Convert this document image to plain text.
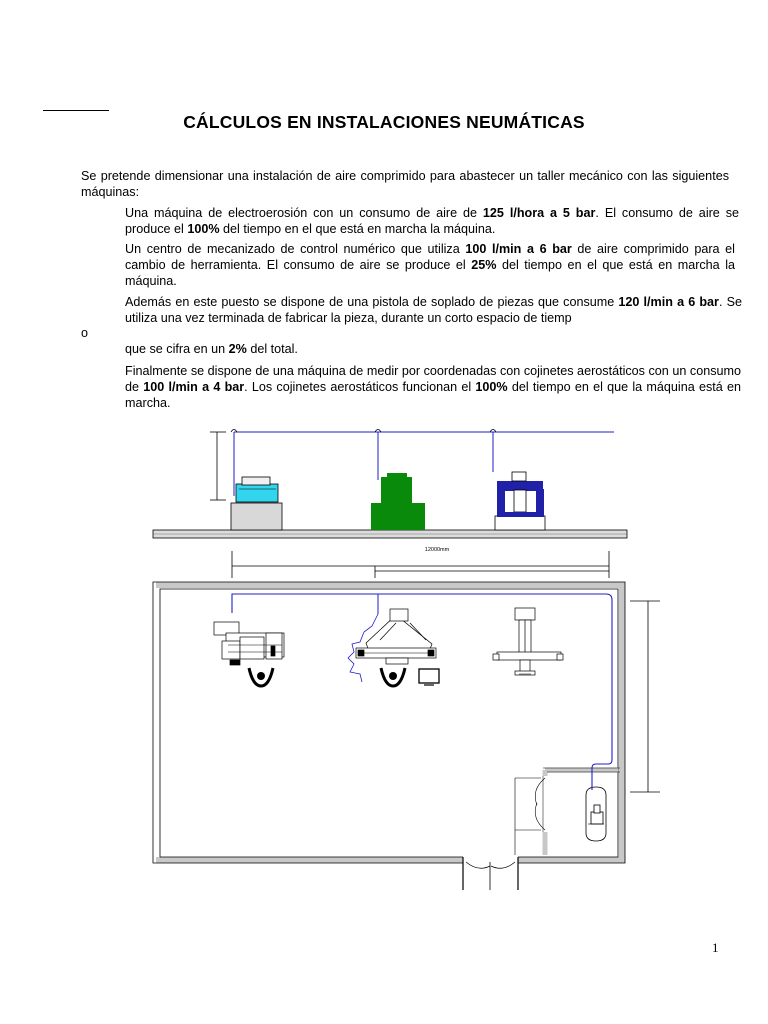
CÁLCULOS EN INSTALACIONES NEUMÁTICAS
Se pretende dimensionar una instalación de aire comprimido para abastecer un taller mecánico con las siguientes máquinas:
Una máquina de electroerosión con un consumo de aire de 125 l/hora a 5 bar. El consumo de aire se produce el 100% del tiempo en el que está en marcha la máquina.
Un centro de mecanizado de control numérico que utiliza 100 l/min a 6 bar de aire comprimido para el cambio de herramienta. El consumo de aire se produce el 25% del tiempo en el que está en marcha la máquina.
Además en este puesto se dispone de una pistola de soplado de piezas que consume 120 l/min a 6 bar. Se utiliza una vez terminada de fabricar la pieza, durante un corto espacio de tiemp
o
que se cifra en un 2% del total.
Finalmente se dispone de una máquina de medir por coordenadas con cojinetes aerostáticos con un consumo de 100 l/min a 4 bar. Los cojinetes aerostáticos funcionan el 100% del tiempo en el que la máquina está en marcha.
12000mm
1
